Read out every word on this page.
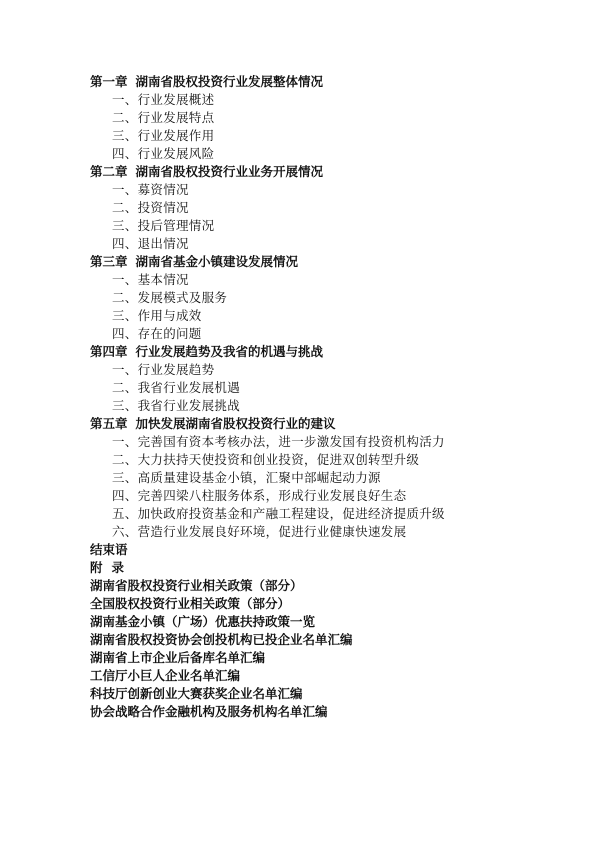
第一章 湖南省股权投资行业发展整体情况
一、行业发展概述
二、行业发展特点
三、行业发展作用
四、行业发展风险
第二章 湖南省股权投资行业业务开展情况
一、募资情况
二、投资情况
三、投后管理情况
四、退出情况
第三章 湖南省基金小镇建设发展情况
一、基本情况
二、发展模式及服务
三、作用与成效
四、存在的问题
第四章 行业发展趋势及我省的机遇与挑战
一、行业发展趋势
二、我省行业发展机遇
三、我省行业发展挑战
第五章 加快发展湖南省股权投资行业的建议
一、完善国有资本考核办法，进一步激发国有投资机构活力
二、大力扶持天使投资和创业投资，促进双创转型升级
三、高质量建设基金小镇，汇聚中部崛起动力源
四、完善四梁八柱服务体系，形成行业发展良好生态
五、加快政府投资基金和产融工程建设，促进经济提质升级
六、营造行业发展良好环境，促进行业健康快速发展
结束语
附录
湖南省股权投资行业相关政策（部分）
全国股权投资行业相关政策（部分）
湖南基金小镇（广场）优惠扶持政策一览
湖南省股权投资协会创投机构已投企业名单汇编
湖南省上市企业后备库名单汇编
工信厅小巨人企业名单汇编
科技厅创新创业大赛获奖企业名单汇编
协会战略合作金融机构及服务机构名单汇编
